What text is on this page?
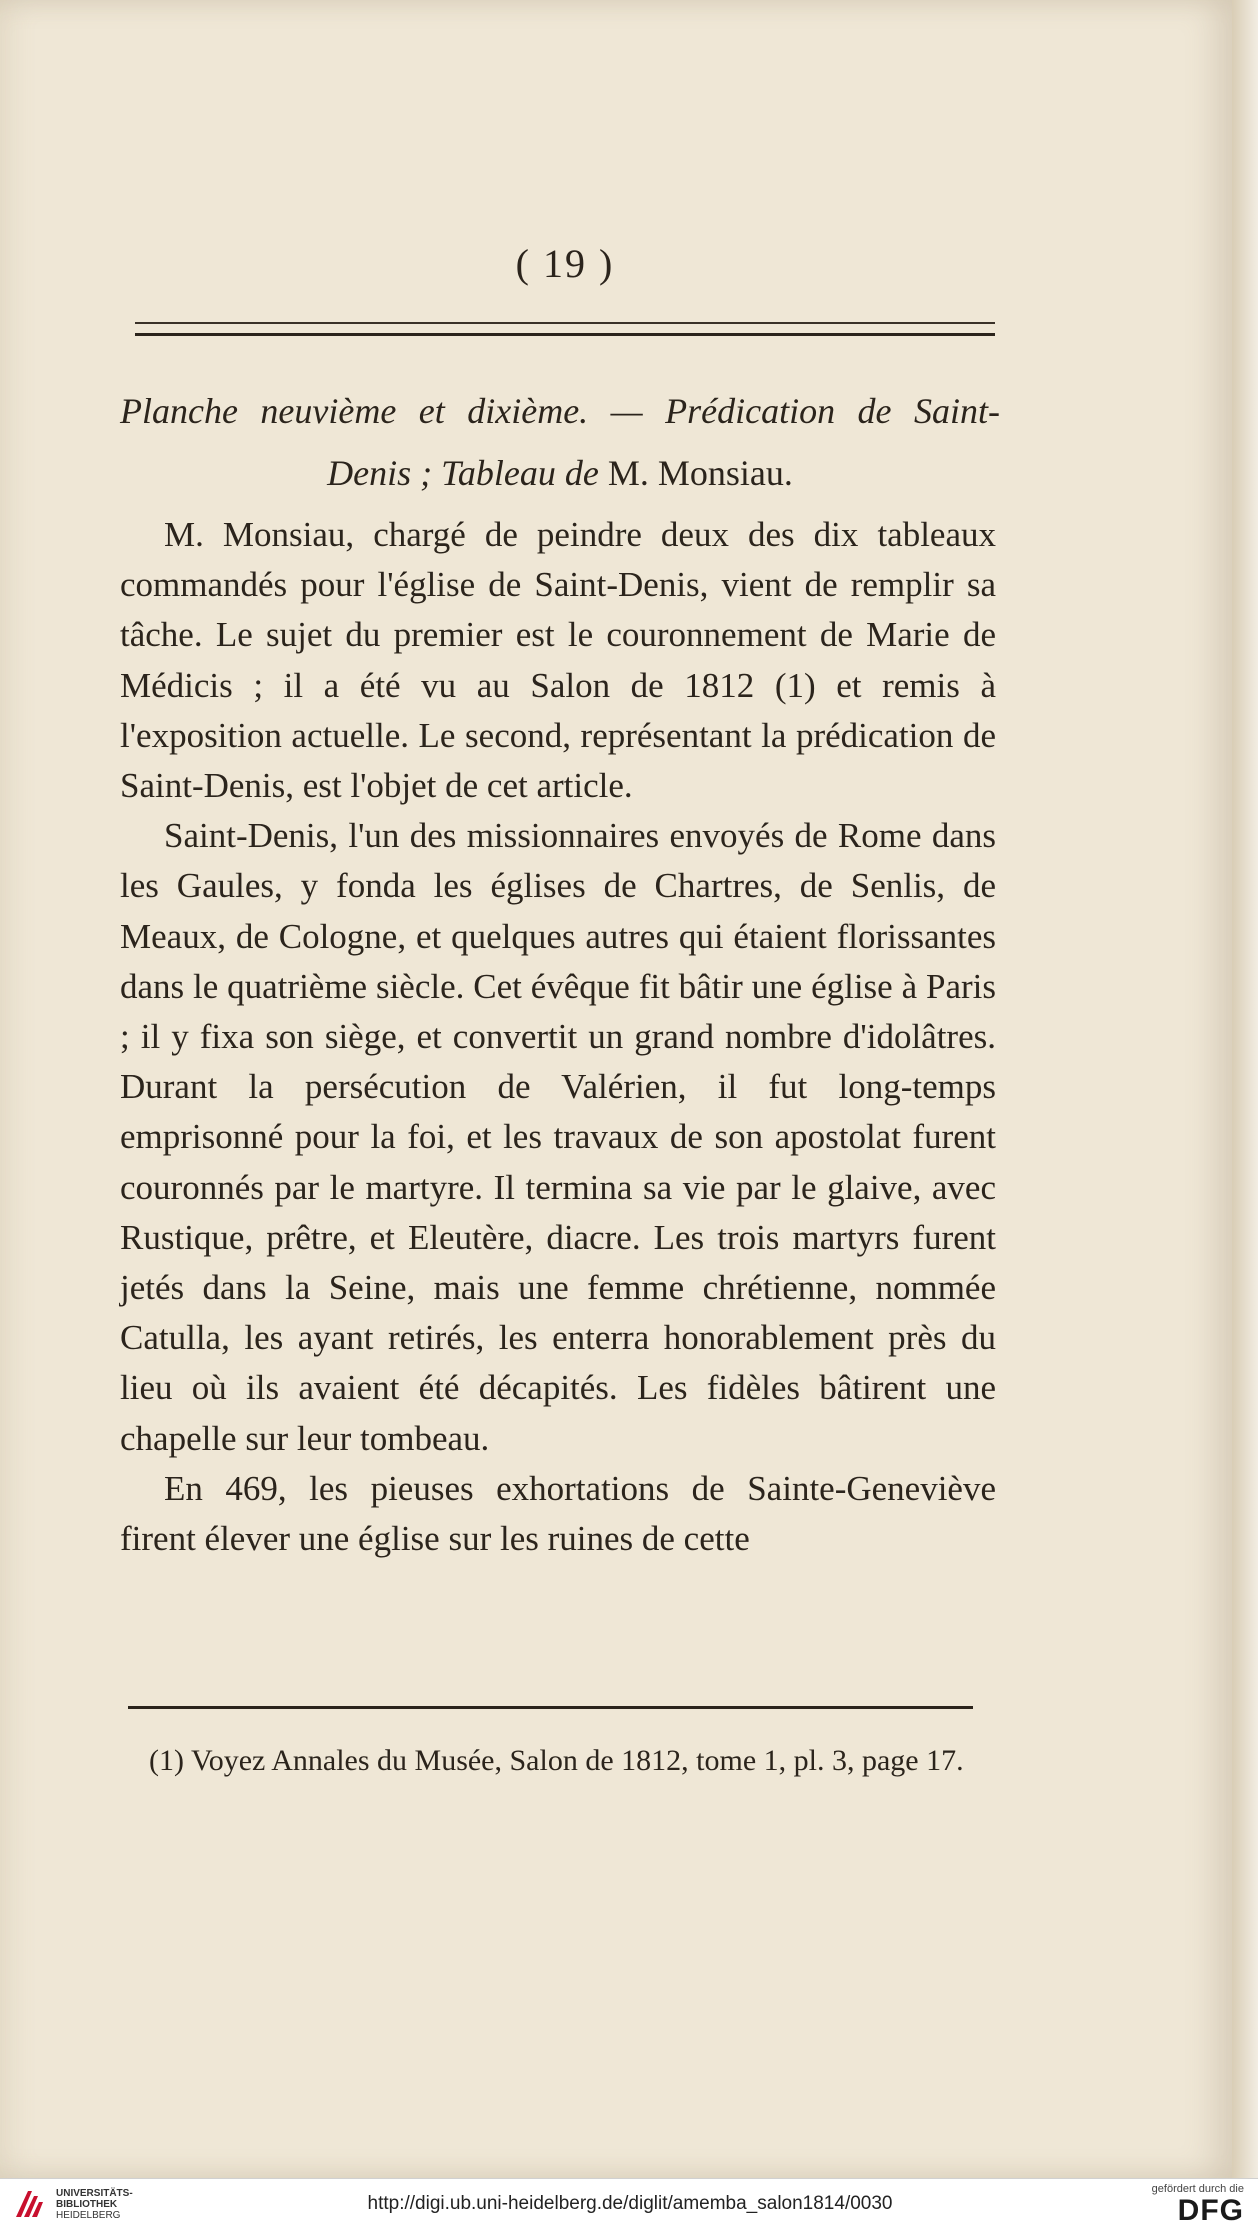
( 19 )
Planche neuvième et dixième. — Prédication de Saint-
Denis ; Tableau de M. Monsiau.

M. Monsiau, chargé de peindre deux des dix tableaux commandés pour l'église de Saint-Denis, vient de remplir sa tâche. Le sujet du premier est le couronnement de Marie de Médicis ; il a été vu au Salon de 1812 (1) et remis à l'exposition actuelle. Le second, représentant la prédication de Saint-Denis, est l'objet de cet article.

Saint-Denis, l'un des missionnaires envoyés de Rome dans les Gaules, y fonda les églises de Chartres, de Senlis, de Meaux, de Cologne, et quelques autres qui étaient florissantes dans le quatrième siècle. Cet évêque fit bâtir une église à Paris ; il y fixa son siège, et convertit un grand nombre d'idolâtres. Durant la persécution de Valérien, il fut long-temps emprisonné pour la foi, et les travaux de son apostolat furent couronnés par le martyre. Il termina sa vie par le glaive, avec Rustique, prêtre, et Eleutère, diacre. Les trois martyrs furent jetés dans la Seine, mais une femme chrétienne, nommée Catulla, les ayant retirés, les enterra honorablement près du lieu où ils avaient été décapités. Les fidèles bâtirent une chapelle sur leur tombeau.

En 469, les pieuses exhortations de Sainte-Geneviève firent élever une église sur les ruines de cette

(1) Voyez Annales du Musée, Salon de 1812, tome 1, pl. 3, page 17.
UNIVERSITÄTS-
BIBLIOTHEK
HEIDELBERG
http://digi.ub.uni-heidelberg.de/diglit/amemba_salon1814/0030
gefördert durch die
DFG
